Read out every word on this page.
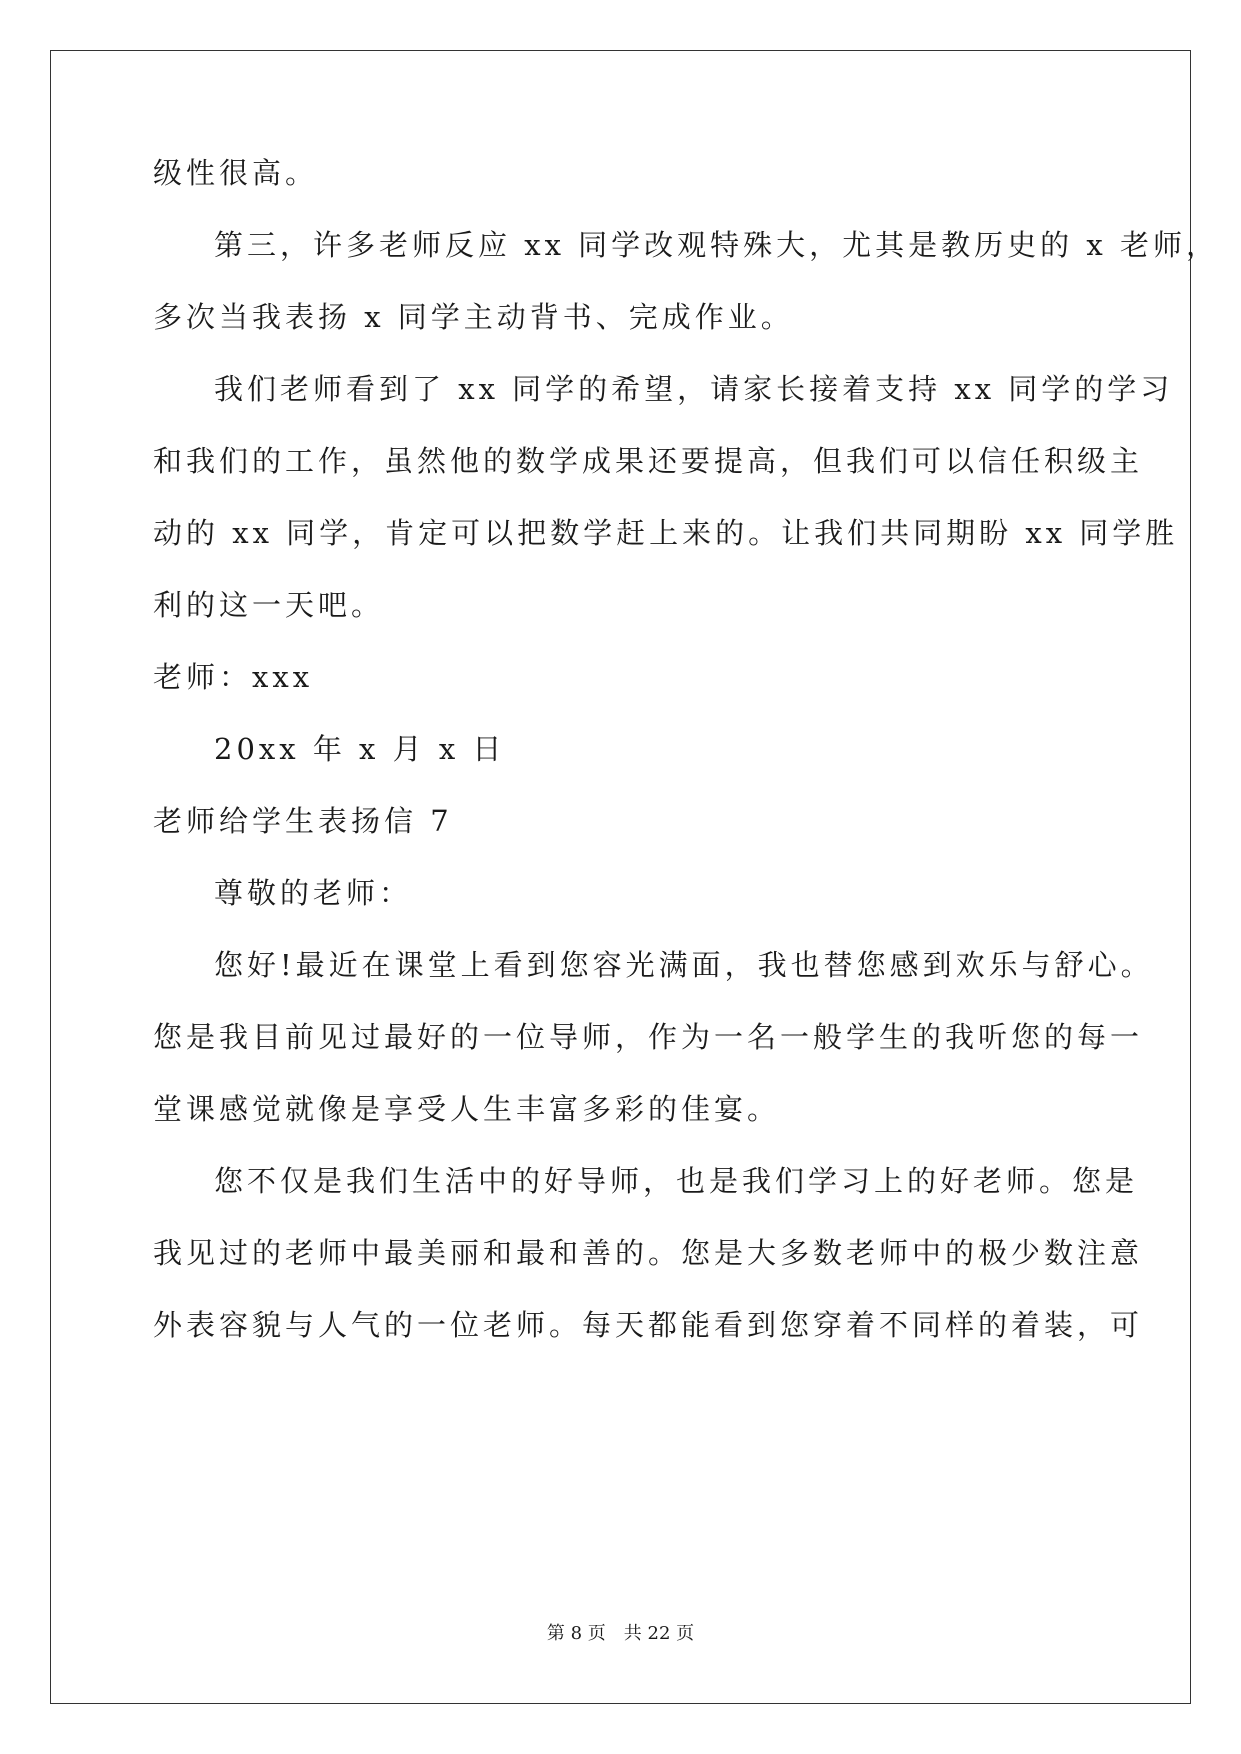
级性很高。
第三，许多老师反应 xx 同学改观特殊大，尤其是教历史的 x 老师，
多次当我表扬 x 同学主动背书、完成作业。
我们老师看到了 xx 同学的希望，请家长接着支持 xx 同学的学习
和我们的工作，虽然他的数学成果还要提高，但我们可以信任积级主
动的 xx 同学，肯定可以把数学赶上来的。让我们共同期盼 xx 同学胜
利的这一天吧。
老师：xxx
20xx 年 x 月 x 日
老师给学生表扬信 7
尊敬的老师：
您好!最近在课堂上看到您容光满面，我也替您感到欢乐与舒心。
您是我目前见过最好的一位导师，作为一名一般学生的我听您的每一
堂课感觉就像是享受人生丰富多彩的佳宴。
您不仅是我们生活中的好导师，也是我们学习上的好老师。您是
我见过的老师中最美丽和最和善的。您是大多数老师中的极少数注意
外表容貌与人气的一位老师。每天都能看到您穿着不同样的着装，可
第 8 页　共 22 页
